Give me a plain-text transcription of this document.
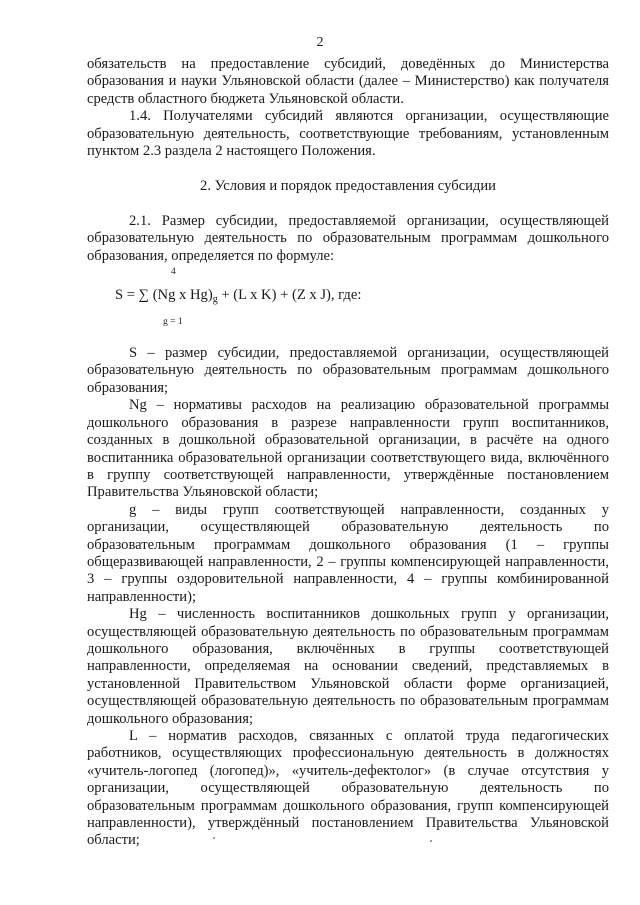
2

обязательств на предоставление субсидий, доведённых до Министерства образования и науки Ульяновской области (далее – Министерство) как получателя средств областного бюджета Ульяновской области.

1.4. Получателями субсидий являются организации, осуществляющие образовательную деятельность, соответствующие требованиям, установленным пунктом 2.3 раздела 2 настоящего Положения.

2. Условия и порядок предоставления субсидии

2.1. Размер субсидии, предоставляемой организации, осуществляющей образовательную деятельность по образовательным программам дошкольного образования, определяется по формуле:

4
S = ∑ (Ng x $Hg)_g + (L$ x K) + (Z x J), где:
g = 1

S – размер субсидии, предоставляемой организации, осуществляющей образовательную деятельность по образовательным программам дошкольного образования;

Ng – нормативы расходов на реализацию образовательной программы дошкольного образования в разрезе направленности групп воспитанников, созданных в дошкольной образовательной организации, в расчёте на одного воспитанника образовательной организации соответствующего вида, включённого в группу соответствующей направленности, утверждённые постановлением Правительства Ульяновской области;

g – виды групп соответствующей направленности, созданных у организации, осуществляющей образовательную деятельность по образовательным программам дошкольного образования (1 – группы общеразвивающей направленности, 2 – группы компенсирующей направленности, 3 – группы оздоровительной направленности, 4 – группы комбинированной направленности);

Hg – численность воспитанников дошкольных групп у организации, осуществляющей образовательную деятельность по образовательным программам дошкольного образования, включённых в группы соответствующей направленности, определяемая на основании сведений, представляемых в установленной Правительством Ульяновской области форме организацией, осуществляющей образовательную деятельность по образовательным программам дошкольного образования;

L – норматив расходов, связанных с оплатой труда педагогических работников, осуществляющих профессиональную деятельность в должностях «учитель-логопед (логопед)», «учитель-дефектолог» (в случае отсутствия у организации, осуществляющей образовательную деятельность по образовательным программам дошкольного образования, групп компенсирующей направленности), утверждённый постановлением Правительства Ульяновской области;
